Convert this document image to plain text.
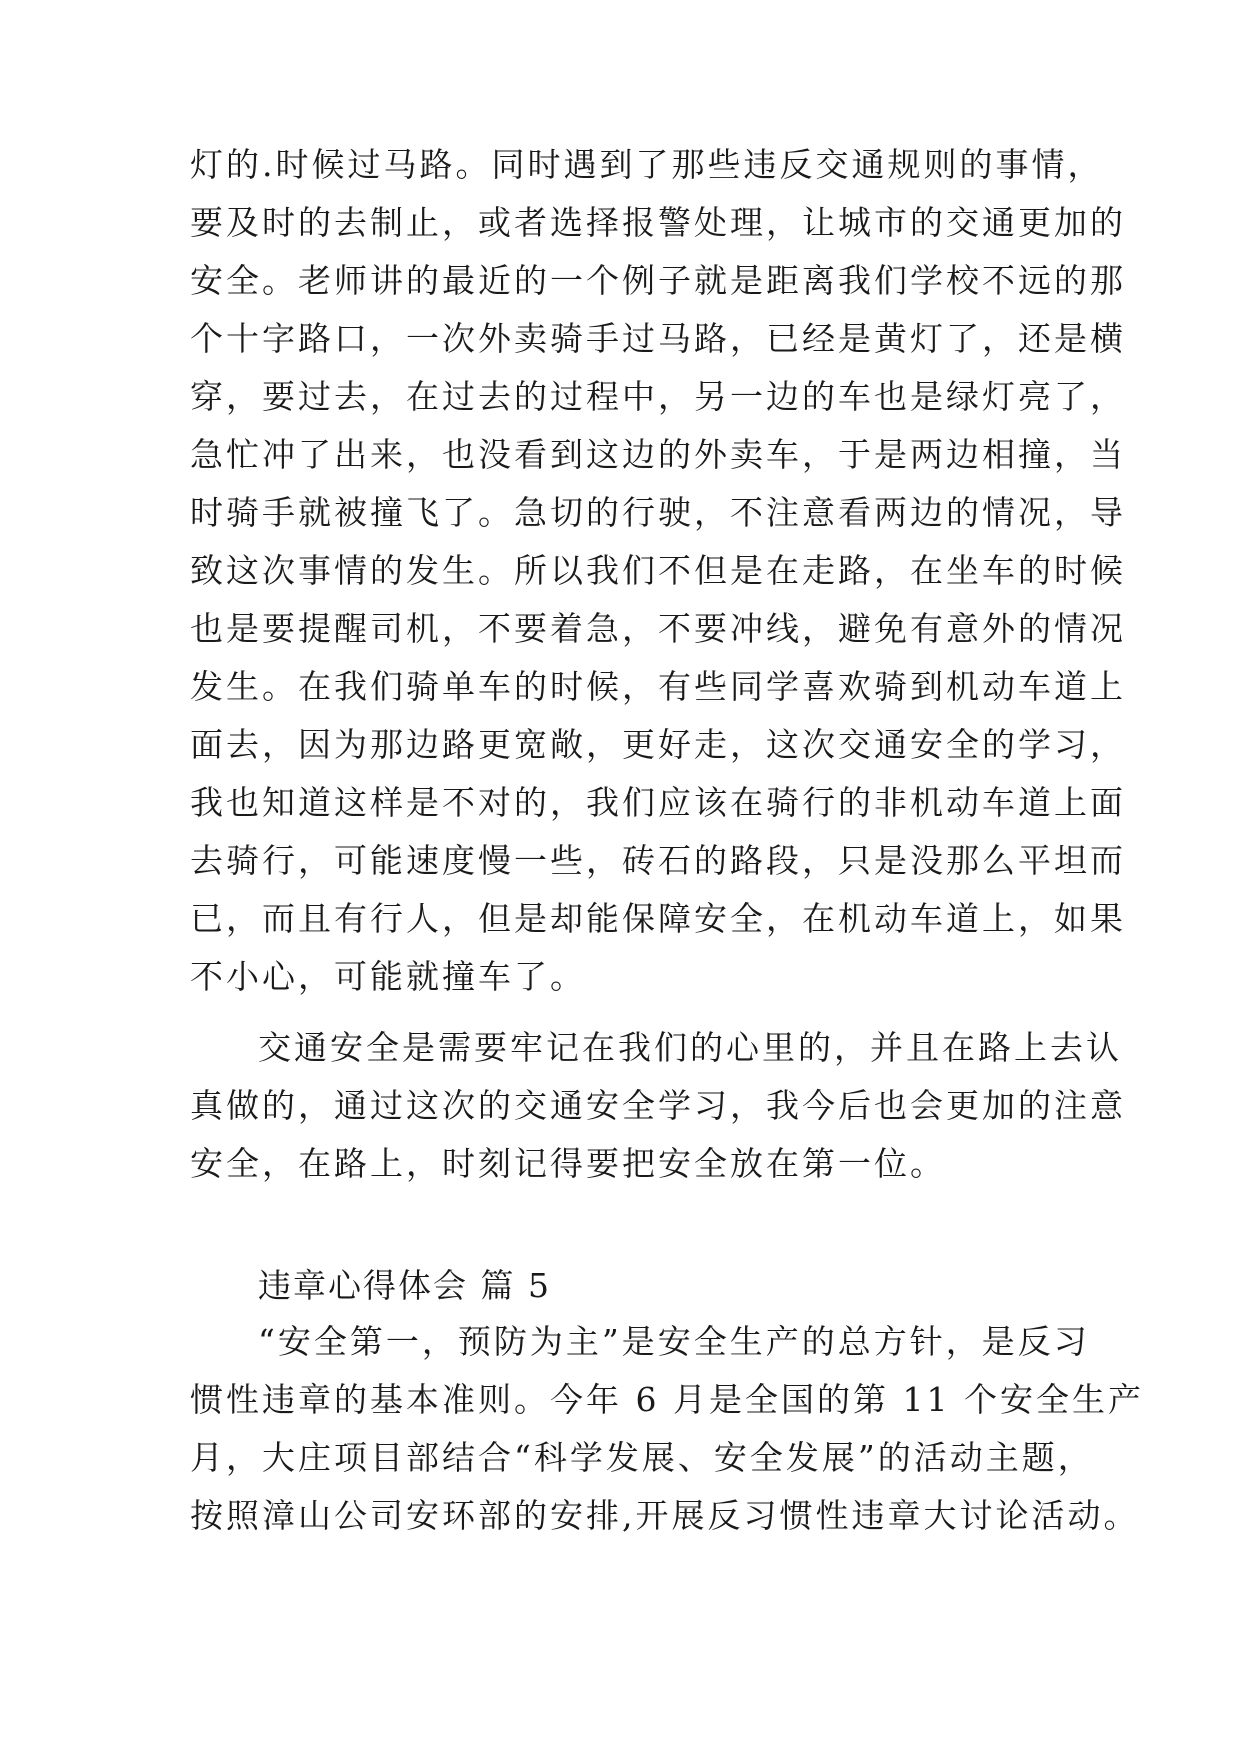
灯的.时候过马路。同时遇到了那些违反交通规则的事情，
要及时的去制止，或者选择报警处理，让城市的交通更加的
安全。老师讲的最近的一个例子就是距离我们学校不远的那
个十字路口，一次外卖骑手过马路，已经是黄灯了，还是横
穿，要过去，在过去的过程中，另一边的车也是绿灯亮了，
急忙冲了出来，也没看到这边的外卖车，于是两边相撞，当
时骑手就被撞飞了。急切的行驶，不注意看两边的情况，导
致这次事情的发生。所以我们不但是在走路，在坐车的时候
也是要提醒司机，不要着急，不要冲线，避免有意外的情况
发生。在我们骑单车的时候，有些同学喜欢骑到机动车道上
面去，因为那边路更宽敞，更好走，这次交通安全的学习，
我也知道这样是不对的，我们应该在骑行的非机动车道上面
去骑行，可能速度慢一些，砖石的路段，只是没那么平坦而
已，而且有行人，但是却能保障安全，在机动车道上，如果
不小心，可能就撞车了。
交通安全是需要牢记在我们的心里的，并且在路上去认
真做的，通过这次的交通安全学习，我今后也会更加的注意
安全，在路上，时刻记得要把安全放在第一位。
违章心得体会 篇 5
“安全第一，预防为主”是安全生产的总方针，是反习
惯性违章的基本准则。今年 6 月是全国的第 11 个安全生产
月，大庄项目部结合“科学发展、安全发展”的活动主题，
按照漳山公司安环部的安排,开展反习惯性违章大讨论活动。
